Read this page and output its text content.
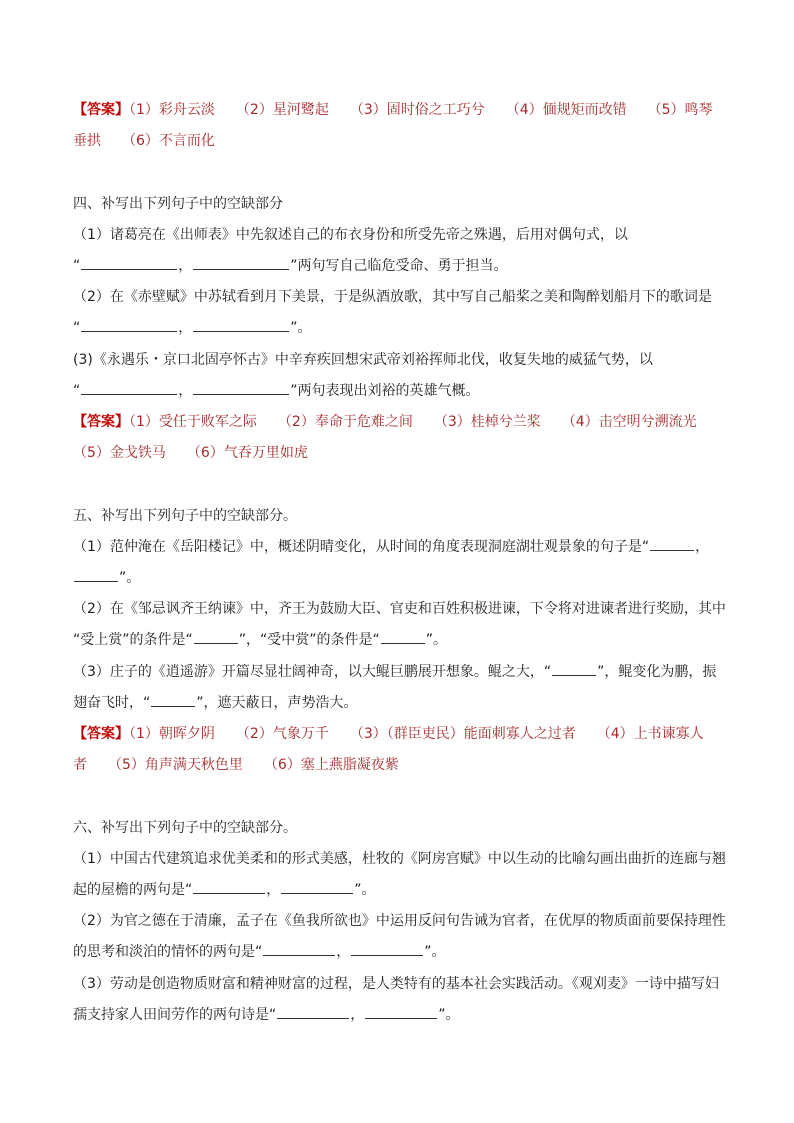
【答案】（1）彩舟云淡　　（2）星河鹭起　　（3）固时俗之工巧兮　　（4）偭规矩而改错　　（5）鸣琴
垂拱　　（6）不言而化
四、补写出下列句子中的空缺部分
（1）诸葛亮在《出师表》中先叙述自己的布衣身份和所受先帝之殊遇，后用对偶句式，以
“	，	”两句写自己临危受命、勇于担当。
（2）在《赤壁赋》中苏轼看到月下美景，于是纵酒放歌，其中写自己船桨之美和陶醉划船月下的歌词是
“	，	”。
(3)《永遇乐・京口北固亭怀古》中辛弃疾回想宋武帝刘裕挥师北伐，收复失地的威猛气势，以
“	，	”两句表现出刘裕的英雄气概。
【答案】（1）受任于败军之际　　（2）奉命于危难之间　　（3）桂棹兮兰桨　　（4）击空明兮溯流光
（5）金戈铁马　　（6）气吞万里如虎
五、补写出下列句子中的空缺部分。
（1）范仲淹在《岳阳楼记》中，概述阴晴变化，从时间的角度表现洞庭湖壮观景象的句子是“	，
”。
（2）在《邹忌讽齐王纳谏》中，齐王为鼓励大臣、官吏和百姓积极进谏，下令将对进谏者进行奖励，其中
“受上赏”的条件是“	”，“受中赏”的条件是“	”。
（3）庄子的《逍遥游》开篇尽显壮阔神奇，以大鲲巨鹏展开想象。鲲之大，“	”，鲲变化为鹏，振
翅奋飞时，“	”，遮天蔽日，声势浩大。
【答案】（1）朝晖夕阴　　（2）气象万千　　（3）（群臣吏民）能面刺寡人之过者　　（4）上书谏寡人
者　　（5）角声满天秋色里　　（6）塞上燕脂凝夜紫
六、补写出下列句子中的空缺部分。
（1）中国古代建筑追求优美柔和的形式美感，杜牧的《阿房宫赋》中以生动的比喻勾画出曲折的连廊与翘
起的屋檐的两句是“	，	”。
（2）为官之德在于清廉，孟子在《鱼我所欲也》中运用反问句告诫为官者，在优厚的物质面前要保持理性
的思考和淡泊的情怀的两句是“	，	”。
（3）劳动是创造物质财富和精神财富的过程，是人类特有的基本社会实践活动。《观刈麦》一诗中描写妇
孺支持家人田间劳作的两句诗是“	，	”。
